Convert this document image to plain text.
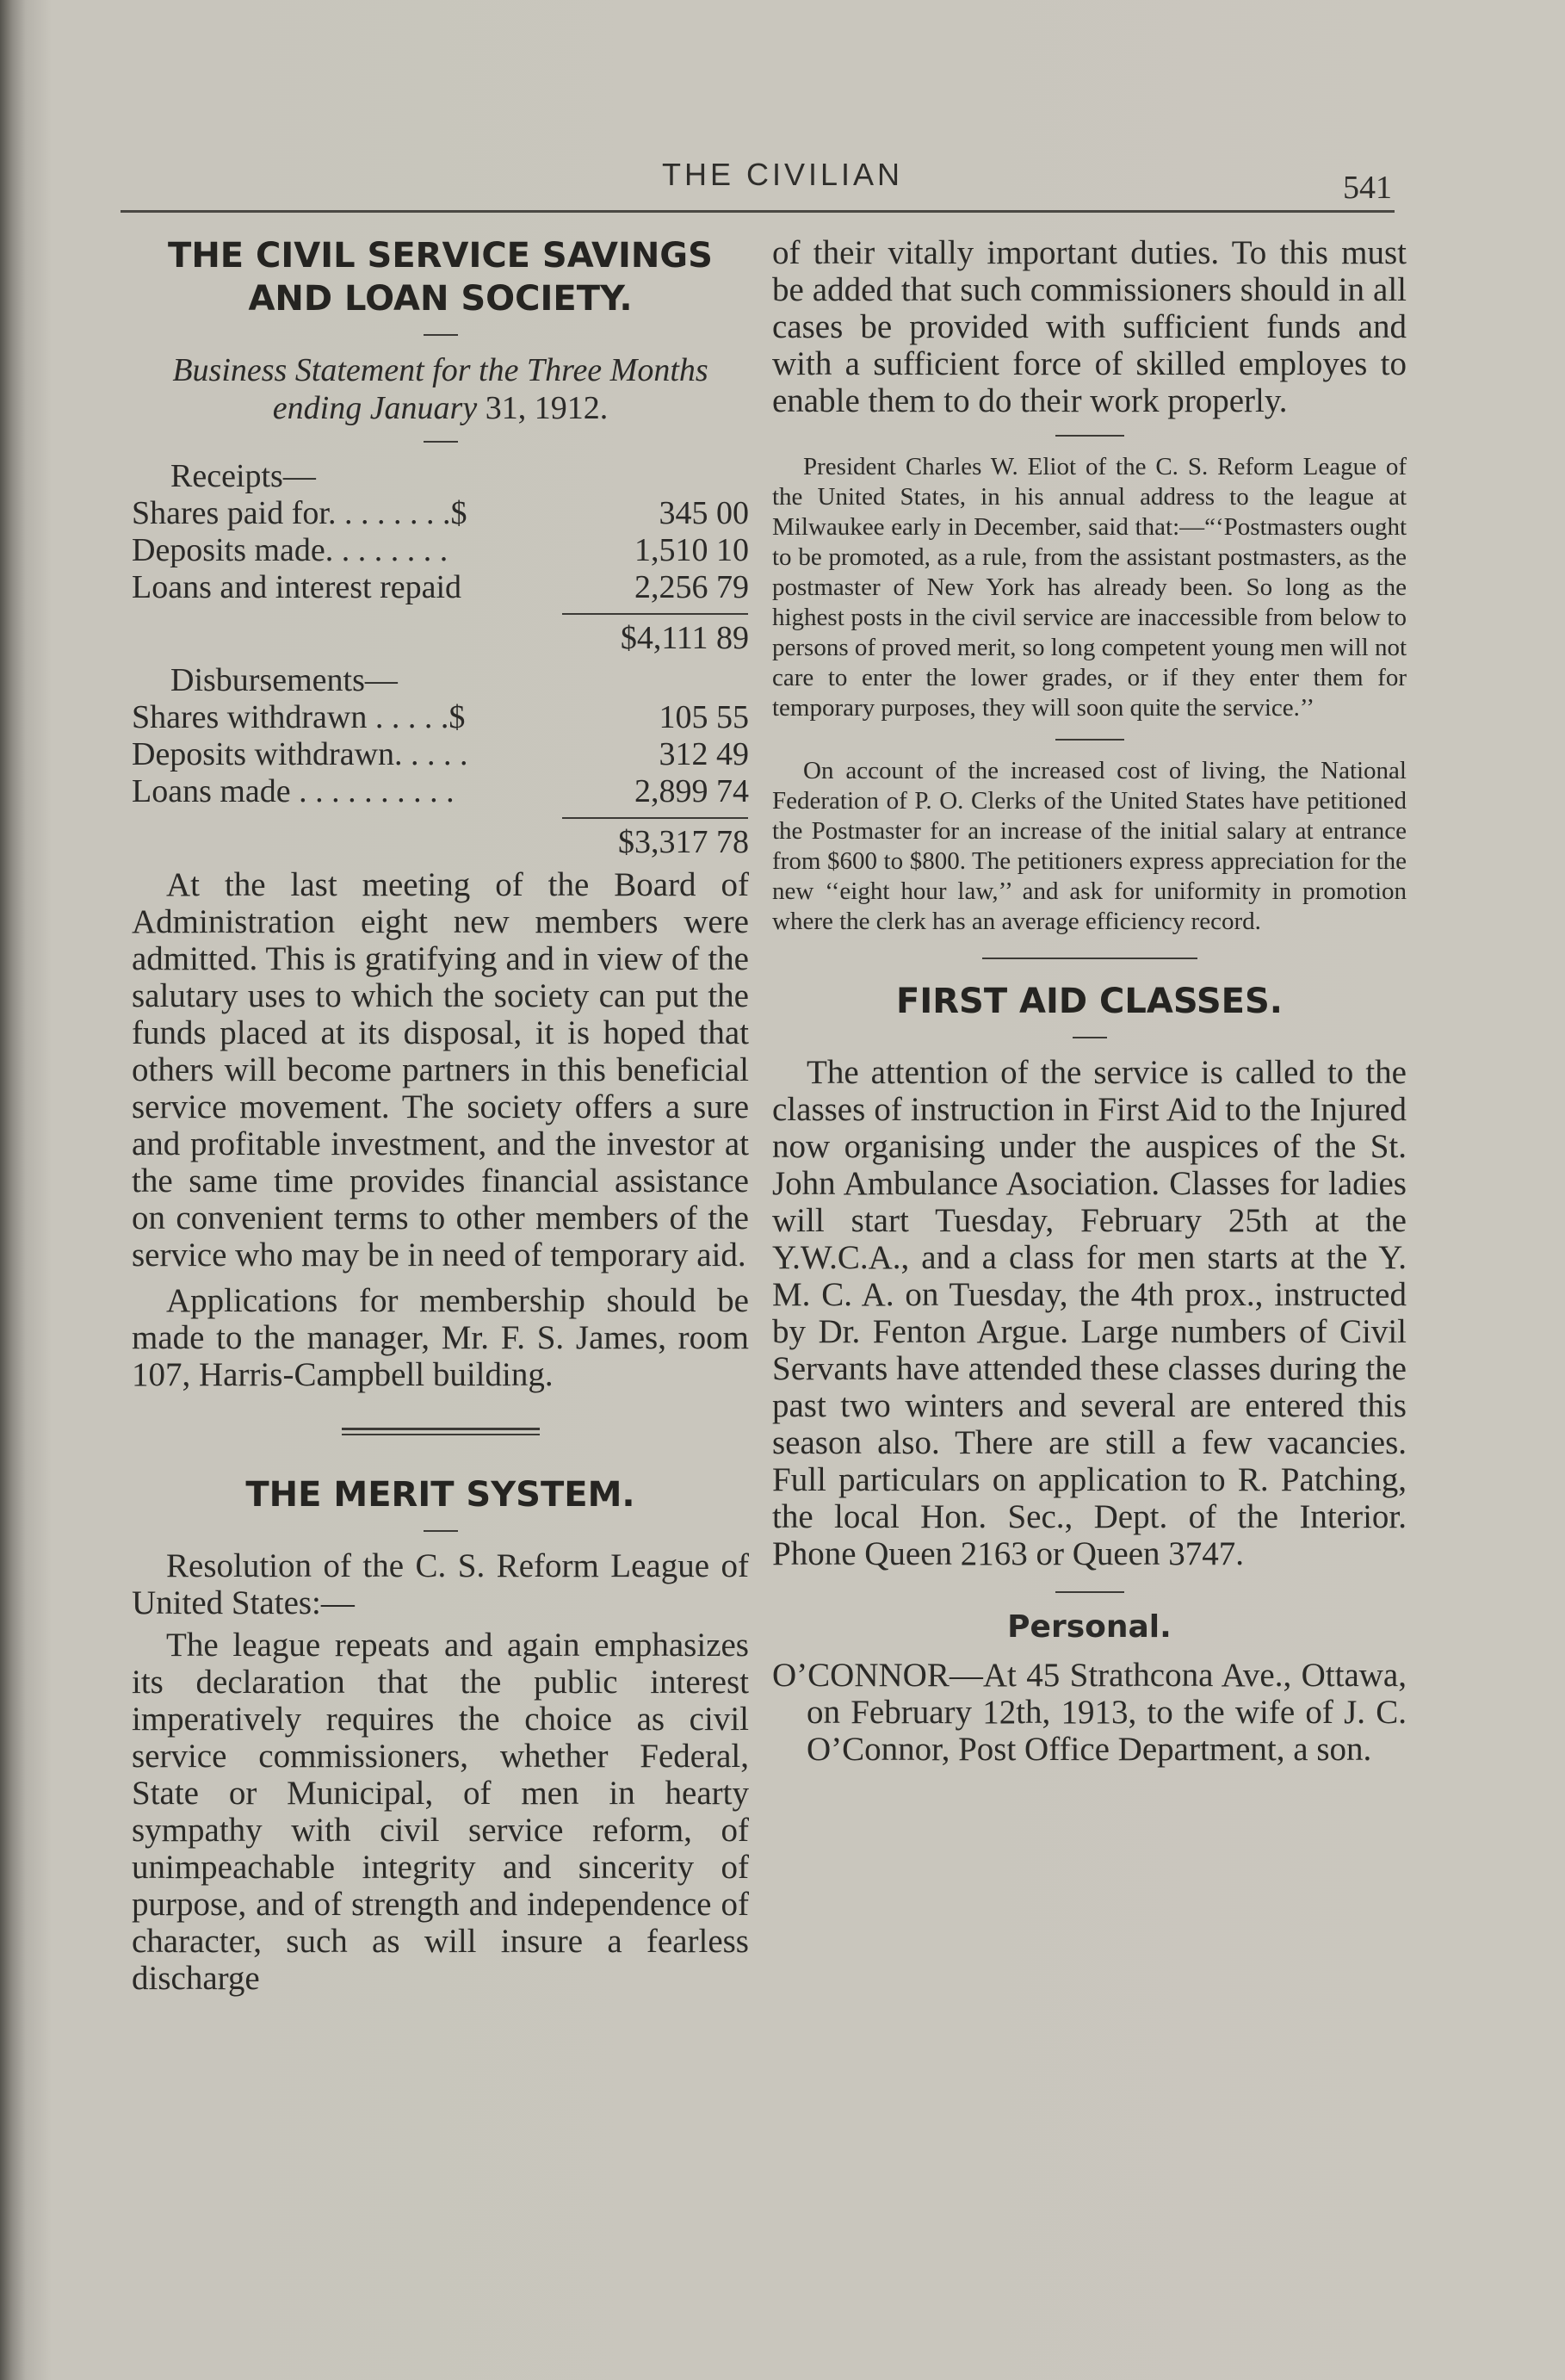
THE CIVILIAN	541
THE CIVIL SERVICE SAVINGS AND LOAN SOCIETY.

Business Statement for the Three Months ending January 31, 1912.

Receipts—
Shares paid for. . . . . . . .$	345 00
Deposits made. . . . . . . .	1,510 10
Loans and interest repaid	2,256 79
$4,111 89
Disbursements—
Shares withdrawn . . . . .$	105 55
Deposits withdrawn. . . . .	312 49
Loans made . . . . . . . . . .	2,899 74
$3,317 78

At the last meeting of the Board of Administration eight new members were admitted. This is gratifying and in view of the salutary uses to which the society can put the funds placed at its disposal, it is hoped that others will become partners in this beneficial service movement. The society offers a sure and profitable investment, and the investor at the same time provides financial assistance on convenient terms to other members of the service who may be in need of temporary aid.

Applications for membership should be made to the manager, Mr. F. S. James, room 107, Harris-Campbell building.

THE MERIT SYSTEM.

Resolution of the C. S. Reform League of United States:—

The league repeats and again emphasizes its declaration that the public interest imperatively requires the choice as civil service commissioners, whether Federal, State or Municipal, of men in hearty sympathy with civil service reform, of unimpeachable integrity and sincerity of purpose, and of strength and independence of character, such as will insure a fearless discharge

of their vitally important duties. To this must be added that such commissioners should in all cases be provided with sufficient funds and with a sufficient force of skilled employes to enable them to do their work properly.

President Charles W. Eliot of the C. S. Reform League of the United States, in his annual address to the league at Milwaukee early in December, said that:—“‘Postmasters ought to be promoted, as a rule, from the assistant postmasters, as the postmaster of New York has already been. So long as the highest posts in the civil service are inaccessible from below to persons of proved merit, so long competent young men will not care to enter the lower grades, or if they enter them for temporary purposes, they will soon quite the service.’’

On account of the increased cost of living, the National Federation of P. O. Clerks of the United States have petitioned the Postmaster for an increase of the initial salary at entrance from $600 to $800. The petitioners express appreciation for the new ‘‘eight hour law,’’ and ask for uniformity in promotion where the clerk has an average efficiency record.

FIRST AID CLASSES.

The attention of the service is called to the classes of instruction in First Aid to the Injured now organising under the auspices of the St. John Ambulance Asociation. Classes for ladies will start Tuesday, February 25th at the Y.W.C.A., and a class for men starts at the Y. M. C. A. on Tuesday, the 4th prox., instructed by Dr. Fenton Argue. Large numbers of Civil Servants have attended these classes during the past two winters and several are entered this season also. There are still a few vacancies. Full particulars on application to R. Patching, the local Hon. Sec., Dept. of the Interior. Phone Queen 2163 or Queen 3747.

Personal.

O’CONNOR—At 45 Strathcona Ave., Ottawa, on February 12th, 1913, to the wife of J. C. O’Connor, Post Office Department, a son.
